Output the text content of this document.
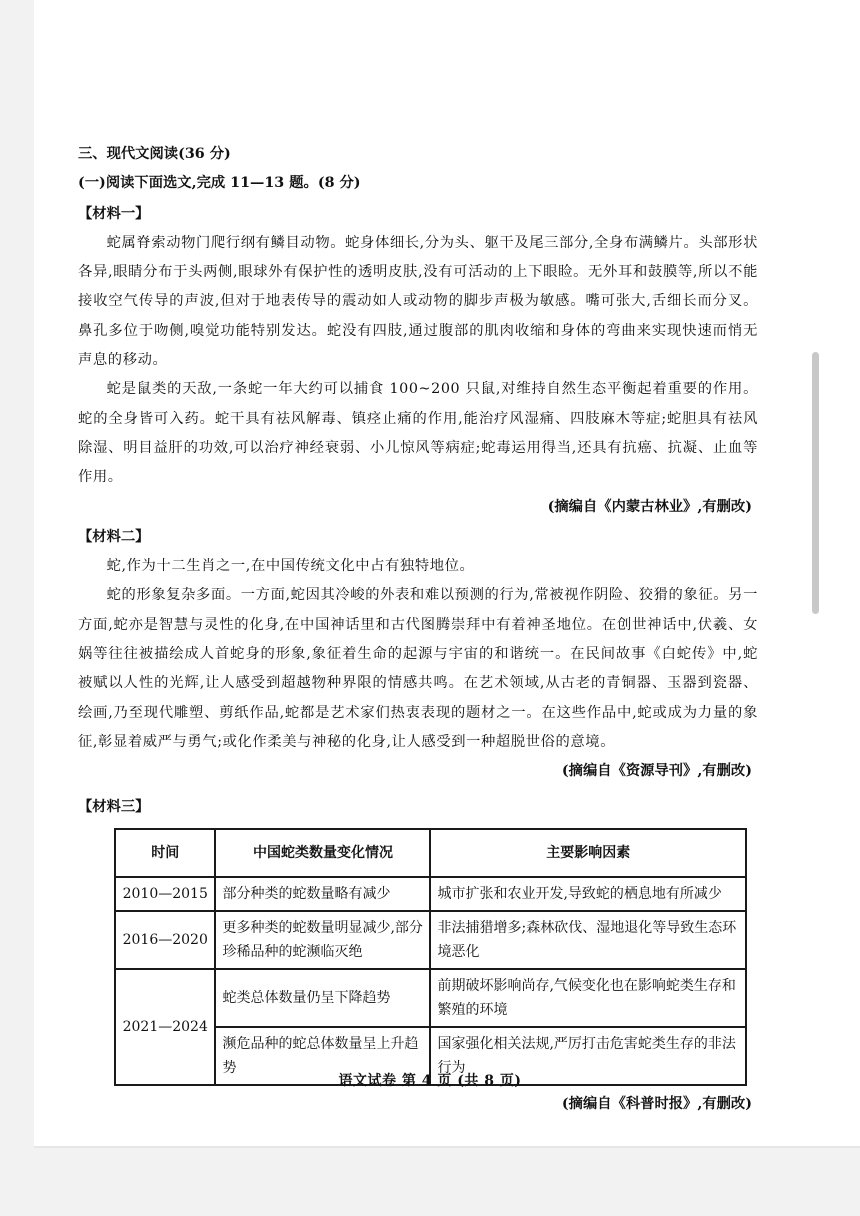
三、现代文阅读(36 分)
(一)阅读下面选文,完成 11—13 题。(8 分)
【材料一】
蛇属脊索动物门爬行纲有鳞目动物。蛇身体细长,分为头、躯干及尾三部分,全身布满鳞片。头部形状各异,眼睛分布于头两侧,眼球外有保护性的透明皮肤,没有可活动的上下眼睑。无外耳和鼓膜等,所以不能接收空气传导的声波,但对于地表传导的震动如人或动物的脚步声极为敏感。嘴可张大,舌细长而分叉。鼻孔多位于吻侧,嗅觉功能特别发达。蛇没有四肢,通过腹部的肌肉收缩和身体的弯曲来实现快速而悄无声息的移动。
蛇是鼠类的天敌,一条蛇一年大约可以捕食 100~200 只鼠,对维持自然生态平衡起着重要的作用。蛇的全身皆可入药。蛇干具有祛风解毒、镇痉止痛的作用,能治疗风湿痛、四肢麻木等症;蛇胆具有祛风除湿、明目益肝的功效,可以治疗神经衰弱、小儿惊风等病症;蛇毒运用得当,还具有抗癌、抗凝、止血等作用。
(摘编自《内蒙古林业》,有删改)
【材料二】
蛇,作为十二生肖之一,在中国传统文化中占有独特地位。
蛇的形象复杂多面。一方面,蛇因其冷峻的外表和难以预测的行为,常被视作阴险、狡猾的象征。另一方面,蛇亦是智慧与灵性的化身,在中国神话里和古代图腾崇拜中有着神圣地位。在创世神话中,伏羲、女娲等往往被描绘成人首蛇身的形象,象征着生命的起源与宇宙的和谐统一。在民间故事《白蛇传》中,蛇被赋以人性的光辉,让人感受到超越物种界限的情感共鸣。在艺术领域,从古老的青铜器、玉器到瓷器、绘画,乃至现代雕塑、剪纸作品,蛇都是艺术家们热衷表现的题材之一。在这些作品中,蛇或成为力量的象征,彰显着威严与勇气;或化作柔美与神秘的化身,让人感受到一种超脱世俗的意境。
(摘编自《资源导刊》,有删改)
【材料三】
时间	中国蛇类数量变化情况	主要影响因素
2010—2015	部分种类的蛇数量略有减少	城市扩张和农业开发,导致蛇的栖息地有所减少
2016—2020	更多种类的蛇数量明显减少,部分珍稀品种的蛇濒临灭绝	非法捕猎增多;森林砍伐、湿地退化等导致生态环境恶化
2021—2024	蛇类总体数量仍呈下降趋势	前期破坏影响尚存,气候变化也在影响蛇类生存和繁殖的环境
	濒危品种的蛇总体数量呈上升趋势	国家强化相关法规,严厉打击危害蛇类生存的非法行为
(摘编自《科普时报》,有删改)
语文试卷 第 4 页 (共 8 页)
